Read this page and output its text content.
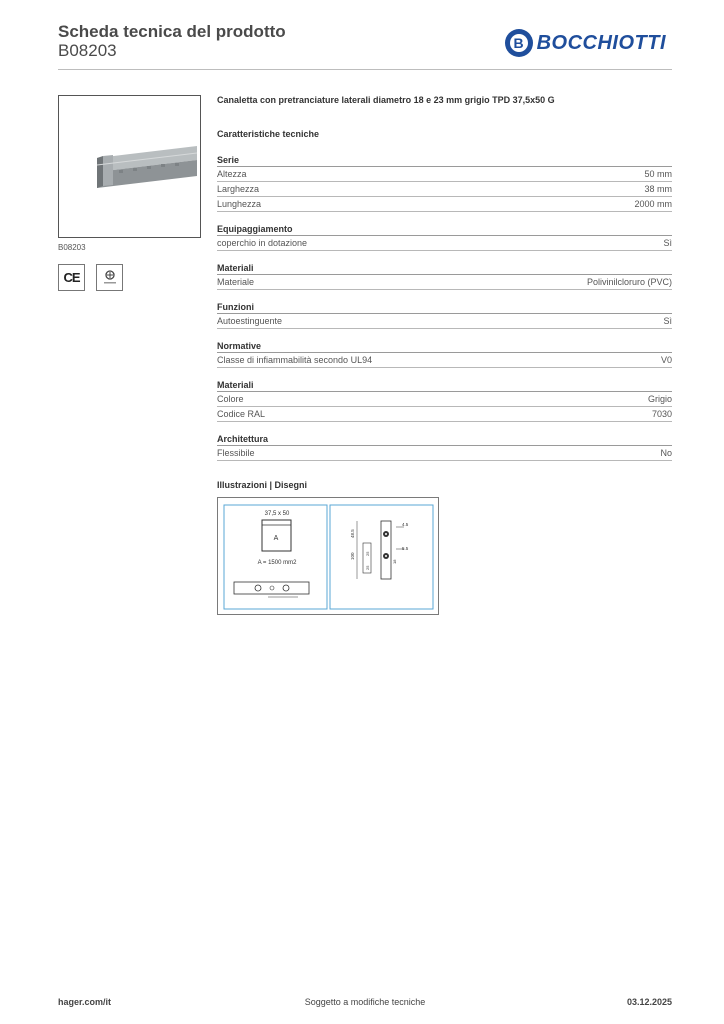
Scheda tecnica del prodotto
B08203
B	BOCCHIOTTI
B08203
CE
Canaletta con pretranciature laterali diametro 18 e 23 mm grigio TPD 37,5x50 G
Caratteristiche tecniche
Serie
Altezza	50 mm
Larghezza	38 mm
Lunghezza	2000 mm
Equipaggiamento
coperchio in dotazione	Sì
Materiali
Materiale	Polivinilcloruro (PVC)
Funzioni
Autoestinguente	Sì
Normative
Classe di infiammabilità secondo UL94	V0
Materiali
Colore	Grigio
Codice RAL	7030
Architettura
Flessibile	No
Illustrazioni | Disegni
37,5 x 50
A
A = 1500 mm2
4.5
48.5
100
5.5
25
25
18
hager.com/it	Soggetto a modifiche tecniche	03.12.2025
